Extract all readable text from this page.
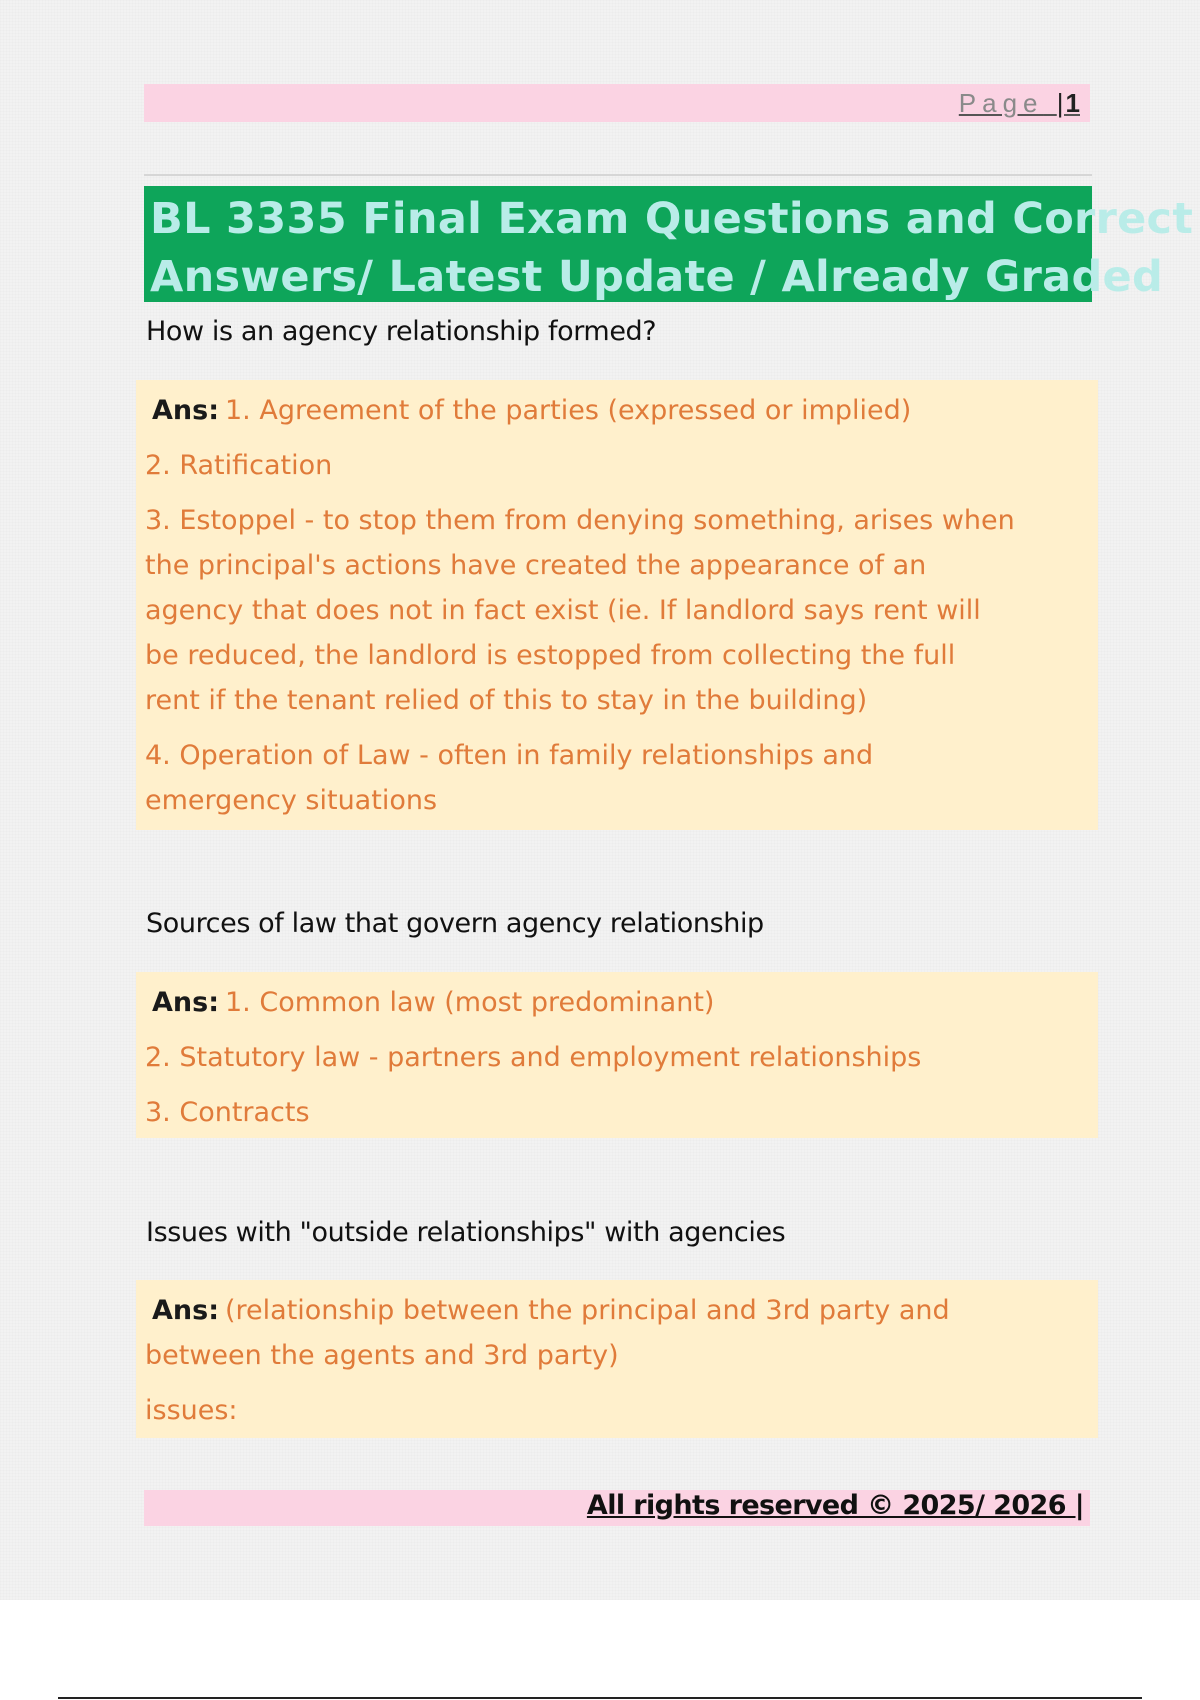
Page |1
BL 3335 Final Exam Questions and Correct
Answers/ Latest Update / Already Graded
How is an agency relationship formed?
Ans: 1. Agreement of the parties (expressed or implied)
2. Ratification
3. Estoppel - to stop them from denying something, arises when
the principal's actions have created the appearance of an
agency that does not in fact exist (ie. If landlord says rent will
be reduced, the landlord is estopped from collecting the full
rent if the tenant relied of this to stay in the building)
4. Operation of Law - often in family relationships and
emergency situations
Sources of law that govern agency relationship
Ans: 1. Common law (most predominant)
2. Statutory law - partners and employment relationships
3. Contracts
Issues with "outside relationships" with agencies
Ans: (relationship between the principal and 3rd party and
between the agents and 3rd party)
issues:
All rights reserved © 2025/ 2026 |
